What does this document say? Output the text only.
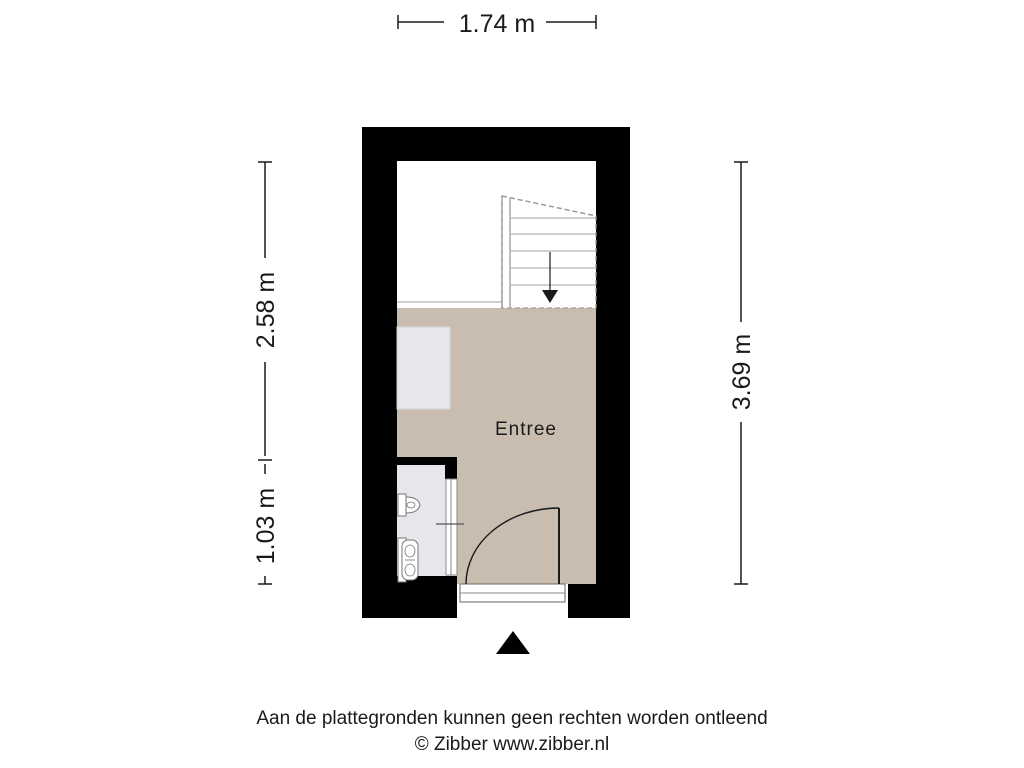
1.74 m
2.58 m
1.03 m
3.69 m
Entree
Aan de plattegronden kunnen geen rechten worden ontleend
© Zibber www.zibber.nl
